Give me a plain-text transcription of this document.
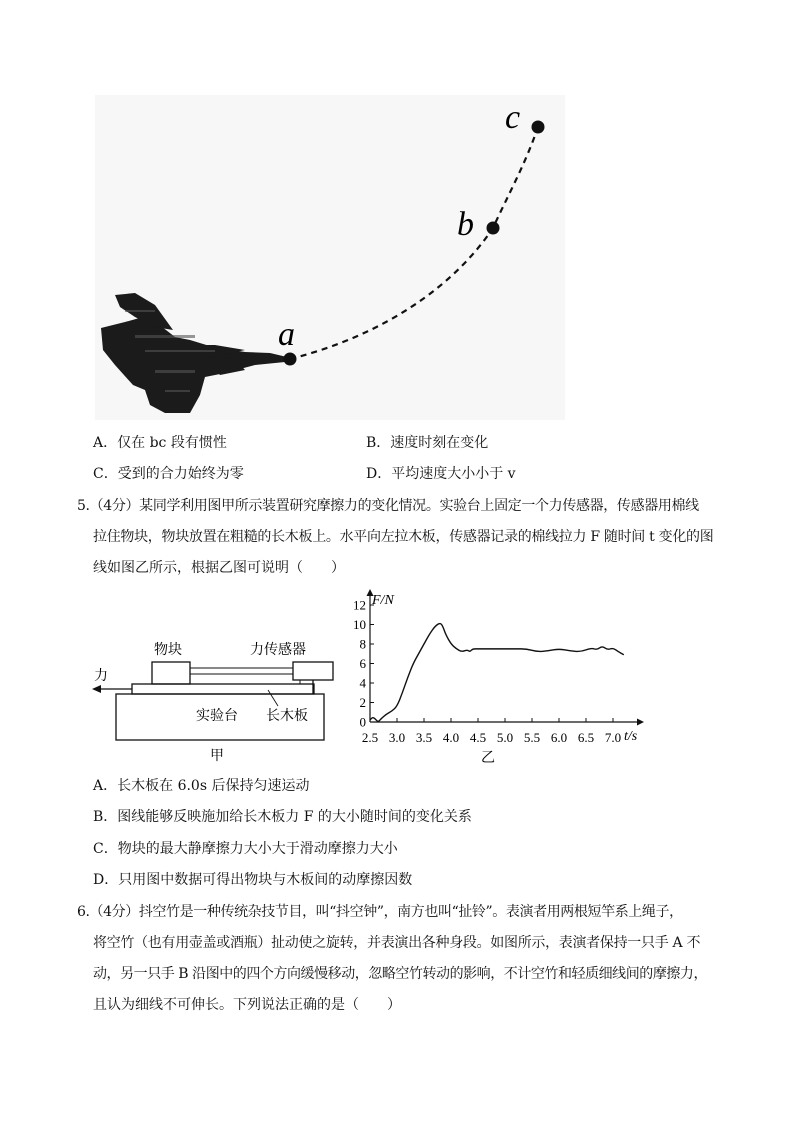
a
b
c
A．仅在 bc 段有惯性	B．速度时刻在变化
C．受到的合力始终为零	D．平均速度大小小于 v
5.（4分）某同学利用图甲所示装置研究摩擦力的变化情况。实验台上固定一个力传感器，传感器用棉线
拉住物块，物块放置在粗糙的长木板上。水平向左拉木板，传感器记录的棉线拉力 F 随时间 t 变化的图
线如图乙所示，根据乙图可说明（　　）
物块	力传感器
力
实验台 长木板
甲
0
2
4
6
8
10
12
2.5 3.0 3.5 4.0 4.5 5.0 5.5 6.0 6.5 7.0
F/N
t/s
乙
A．长木板在 6.0s 后保持匀速运动
B．图线能够反映施加给长木板力 F 的大小随时间的变化关系
C．物块的最大静摩擦力大小大于滑动摩擦力大小
D．只用图中数据可得出物块与木板间的动摩擦因数
6.（4分）抖空竹是一种传统杂技节目，叫“抖空钟”，南方也叫“扯铃”。表演者用两根短竿系上绳子，
将空竹（也有用壶盖或酒瓶）扯动使之旋转，并表演出各种身段。如图所示，表演者保持一只手 A 不
动，另一只手 B 沿图中的四个方向缓慢移动，忽略空竹转动的影响，不计空竹和轻质细线间的摩擦力，
且认为细线不可伸长。下列说法正确的是（　　）
